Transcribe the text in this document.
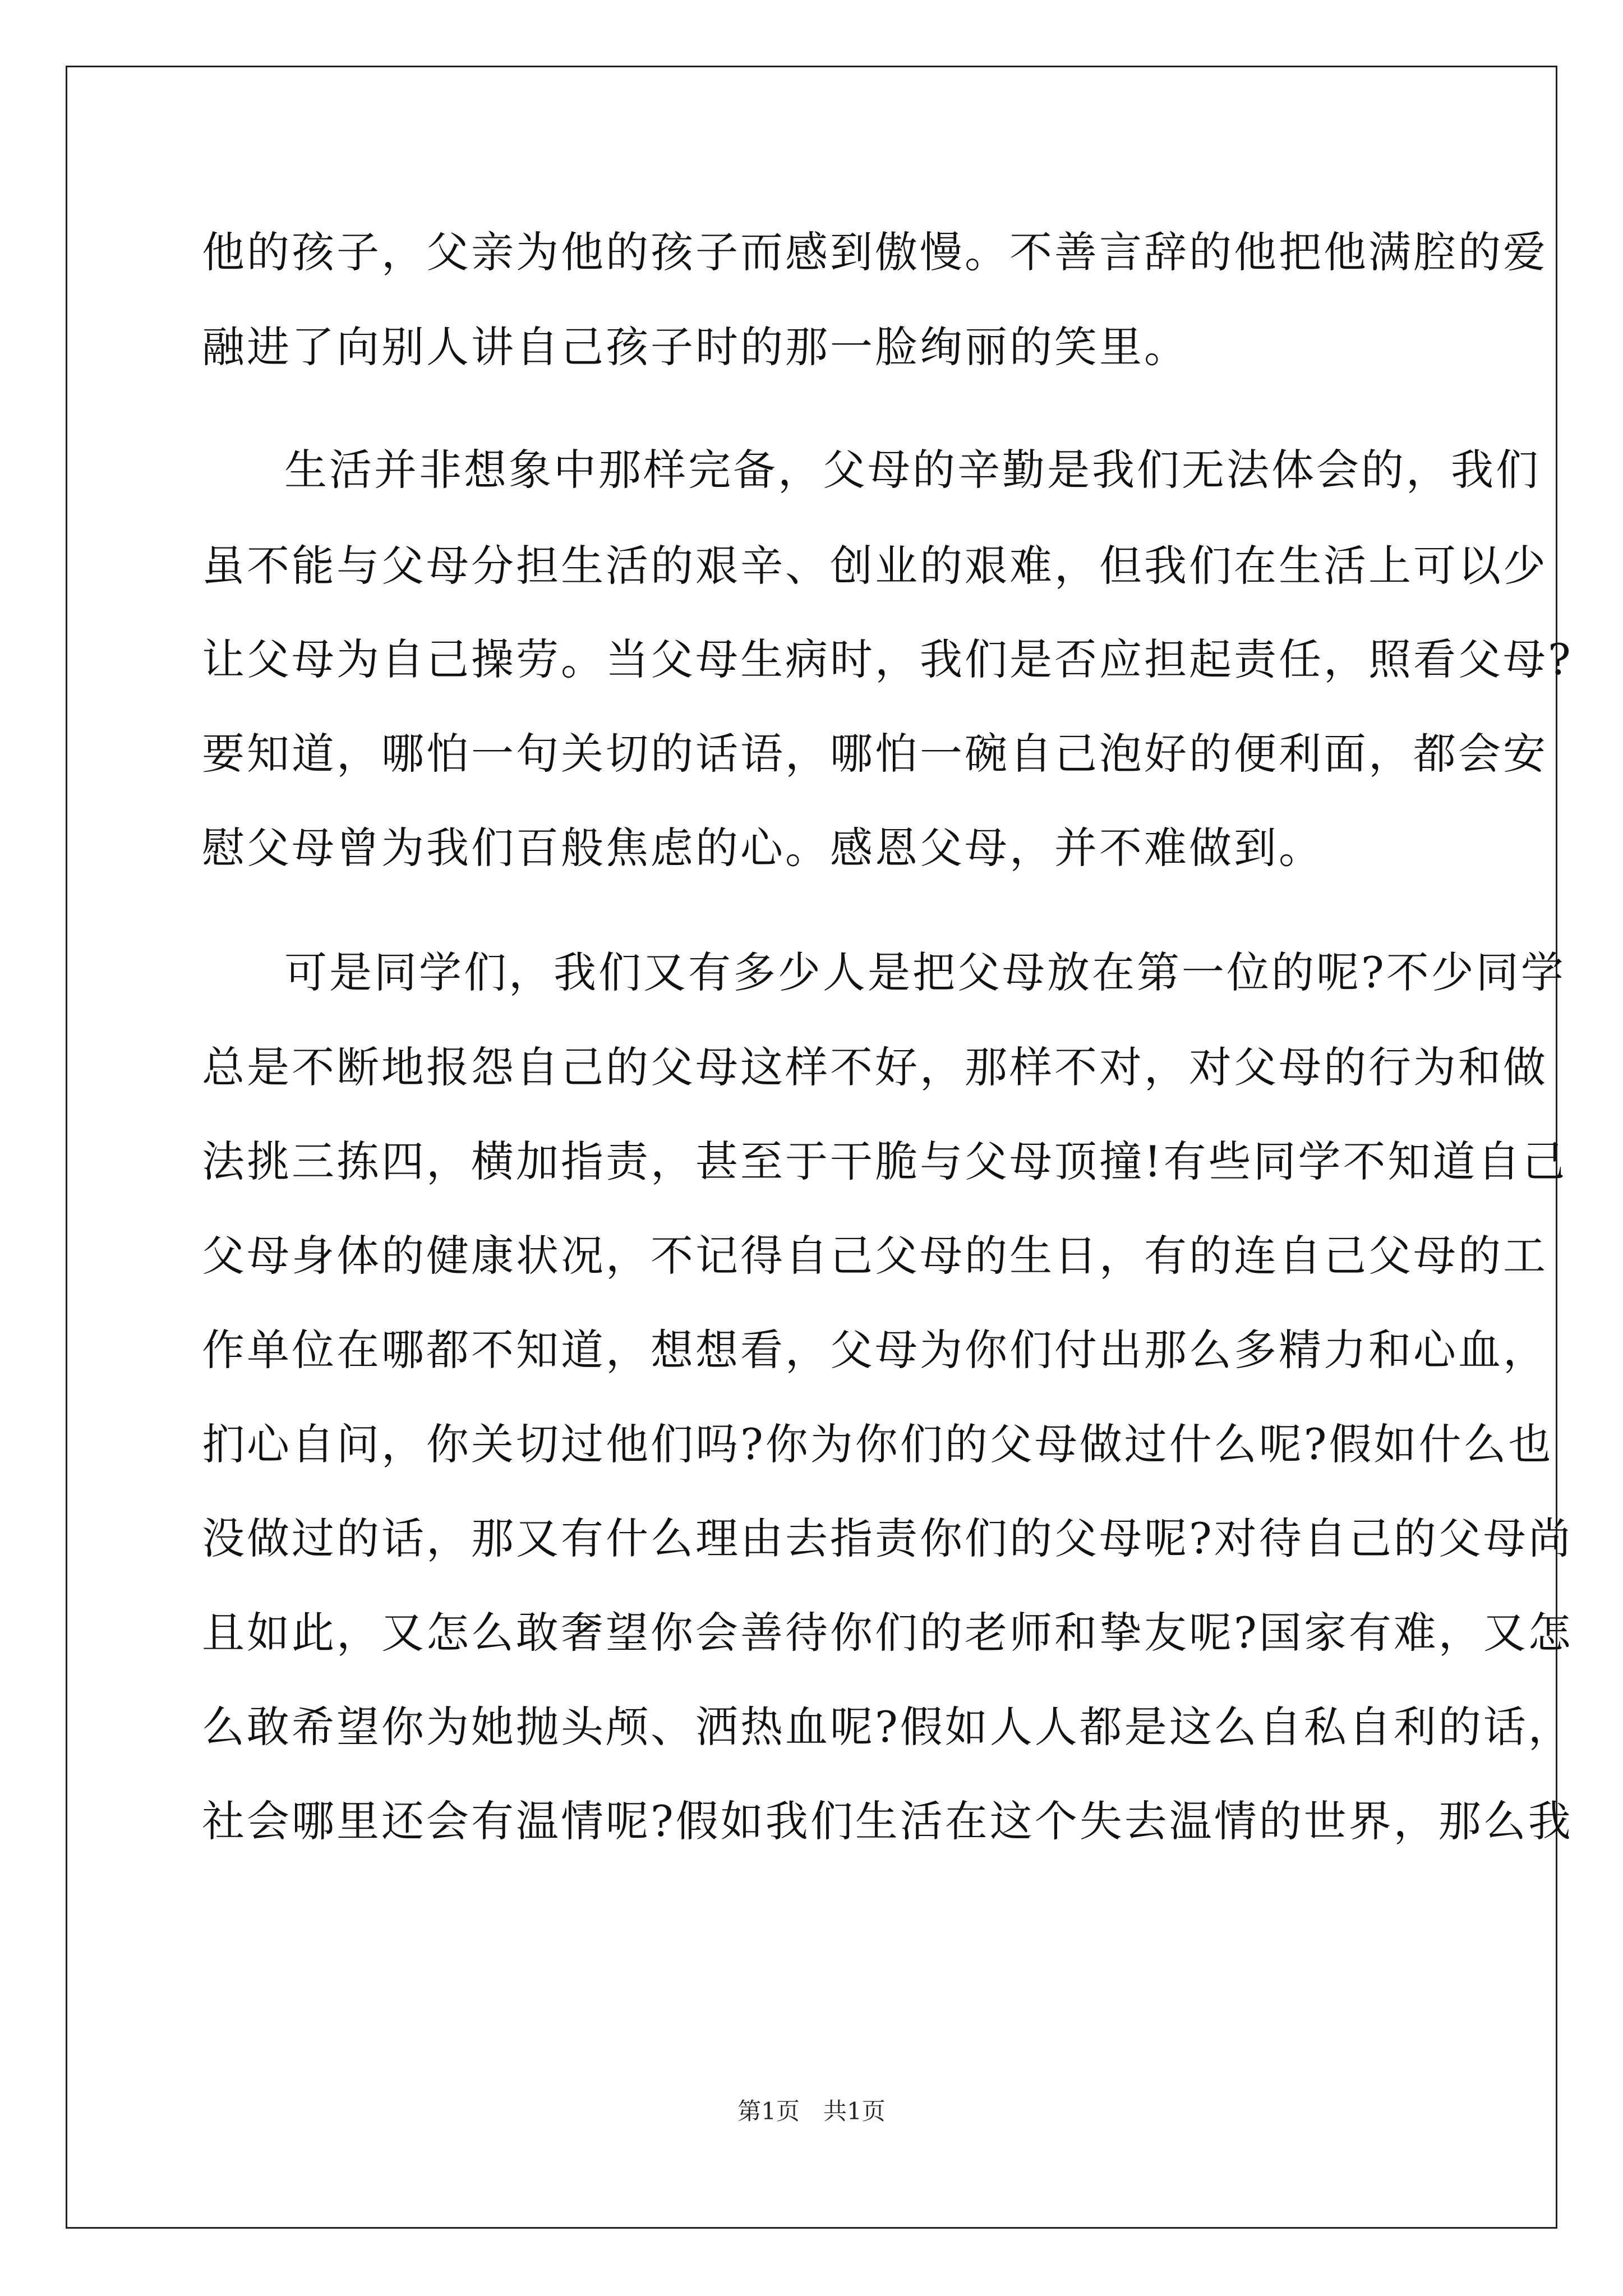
他的孩子，父亲为他的孩子而感到傲慢。不善言辞的他把他满腔的爱
融进了向别人讲自己孩子时的那一脸绚丽的笑里。
生活并非想象中那样完备，父母的辛勤是我们无法体会的，我们
虽不能与父母分担生活的艰辛、创业的艰难，但我们在生活上可以少
让父母为自己操劳。当父母生病时，我们是否应担起责任，照看父母?
要知道，哪怕一句关切的话语，哪怕一碗自己泡好的便利面，都会安
慰父母曾为我们百般焦虑的心。感恩父母，并不难做到。
可是同学们，我们又有多少人是把父母放在第一位的呢?不少同学
总是不断地报怨自己的父母这样不好，那样不对，对父母的行为和做
法挑三拣四，横加指责，甚至于干脆与父母顶撞!有些同学不知道自己
父母身体的健康状况，不记得自己父母的生日，有的连自己父母的工
作单位在哪都不知道，想想看，父母为你们付出那么多精力和心血，
扪心自问，你关切过他们吗?你为你们的父母做过什么呢?假如什么也
没做过的话，那又有什么理由去指责你们的父母呢?对待自己的父母尚
且如此，又怎么敢奢望你会善待你们的老师和挚友呢?国家有难，又怎
么敢希望你为她抛头颅、洒热血呢?假如人人都是这么自私自利的话，
社会哪里还会有温情呢?假如我们生活在这个失去温情的世界，那么我
第1页　共1页
